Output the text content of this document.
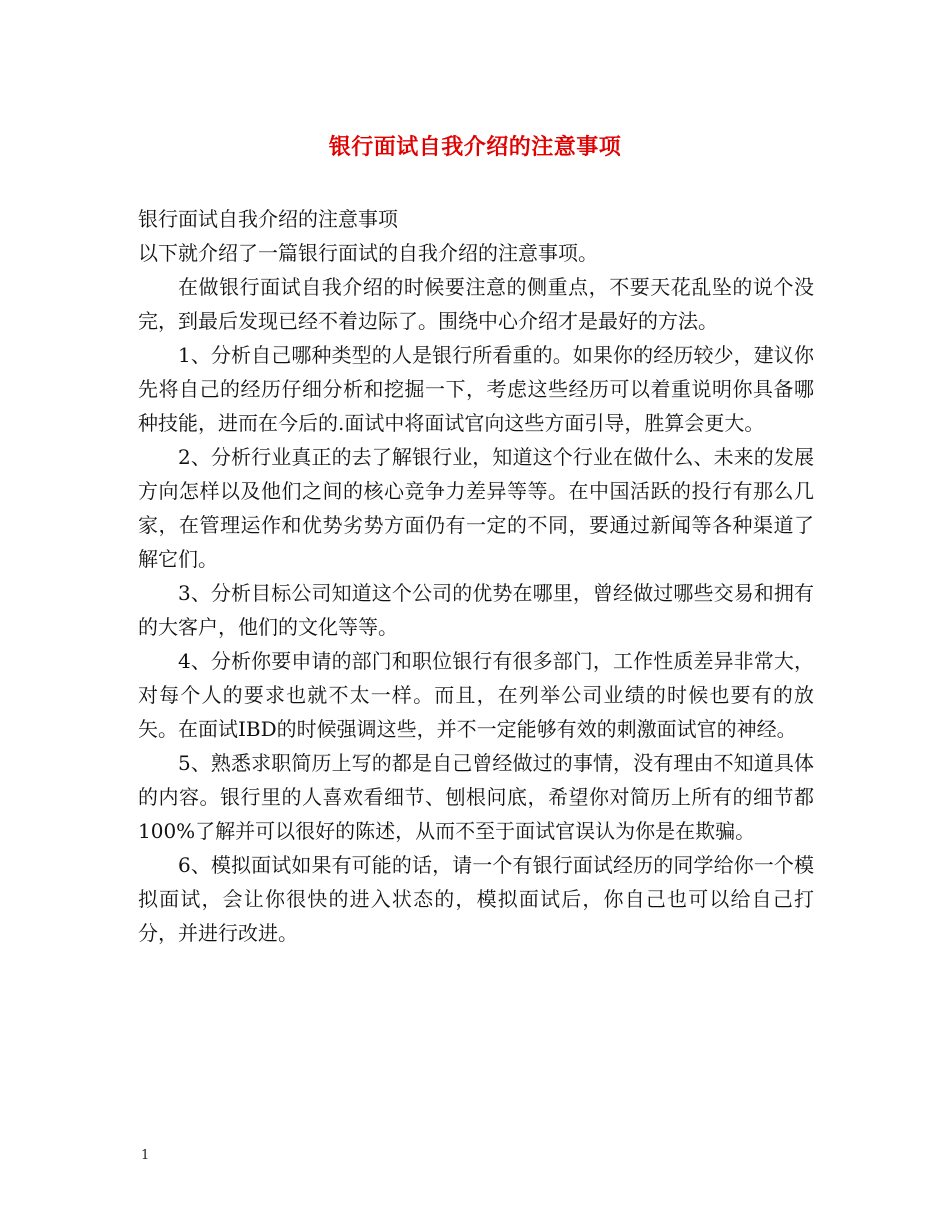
银行面试自我介绍的注意事项

银行面试自我介绍的注意事项

以下就介绍了一篇银行面试的自我介绍的注意事项。

在做银行面试自我介绍的时候要注意的侧重点，不要天花乱坠的说个没完，到最后发现已经不着边际了。围绕中心介绍才是最好的方法。

1、分析自己哪种类型的人是银行所看重的。如果你的经历较少，建议你先将自己的经历仔细分析和挖掘一下，考虑这些经历可以着重说明你具备哪种技能，进而在今后的.面试中将面试官向这些方面引导，胜算会更大。

2、分析行业真正的去了解银行业，知道这个行业在做什么、未来的发展方向怎样以及他们之间的核心竞争力差异等等。在中国活跃的投行有那么几家，在管理运作和优势劣势方面仍有一定的不同，要通过新闻等各种渠道了解它们。

3、分析目标公司知道这个公司的优势在哪里，曾经做过哪些交易和拥有的大客户，他们的文化等等。

4、分析你要申请的部门和职位银行有很多部门，工作性质差异非常大，对每个人的要求也就不太一样。而且，在列举公司业绩的时候也要有的放矢。在面试IBD的时候强调这些，并不一定能够有效的刺激面试官的神经。

5、熟悉求职简历上写的都是自己曾经做过的事情，没有理由不知道具体的内容。银行里的人喜欢看细节、刨根问底，希望你对简历上所有的细节都100%了解并可以很好的陈述，从而不至于面试官误认为你是在欺骗。

6、模拟面试如果有可能的话，请一个有银行面试经历的同学给你一个模拟面试，会让你很快的进入状态的，模拟面试后，你自己也可以给自己打分，并进行改进。

1
